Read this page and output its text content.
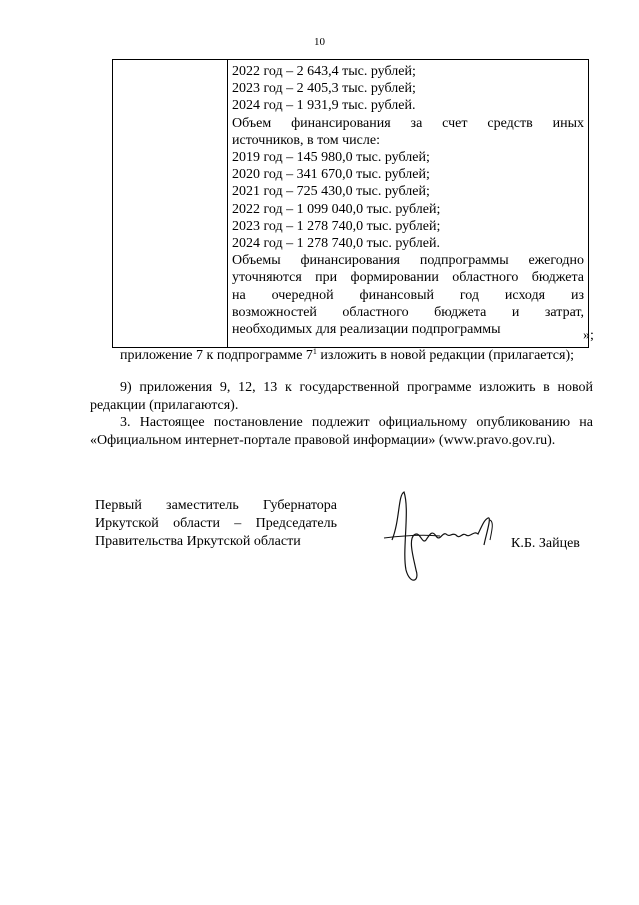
10

2022 год – 2 643,4 тыс. рублей;
2023 год – 2 405,3 тыс. рублей;
2024 год – 1 931,9 тыс. рублей.
Объем финансирования за счет средств иных
источников, в том числе:
2019 год – 145 980,0 тыс. рублей;
2020 год – 341 670,0 тыс. рублей;
2021 год – 725 430,0 тыс. рублей;
2022 год – 1 099 040,0 тыс. рублей;
2023 год – 1 278 740,0 тыс. рублей;
2024 год – 1 278 740,0 тыс. рублей.
Объемы финансирования подпрограммы ежегодно
уточняются при формировании областного бюджета
на очередной финансовый год исходя из
возможностей областного бюджета и затрат,
необходимых для реализации подпрограммы	»;
приложение 7 к подпрограмме $7^1$ изложить в новой редакции (прилагается);
9) приложения 9, 12, 13 к государственной программе изложить в новой редакции (прилагаются).
3. Настоящее постановление подлежит официальному опубликованию на «Официальном интернет-портале правовой информации» (www.pravo.gov.ru).
Первый заместитель Губернатора
Иркутской области – Председатель
Правительства Иркутской области	К.Б. Зайцев
